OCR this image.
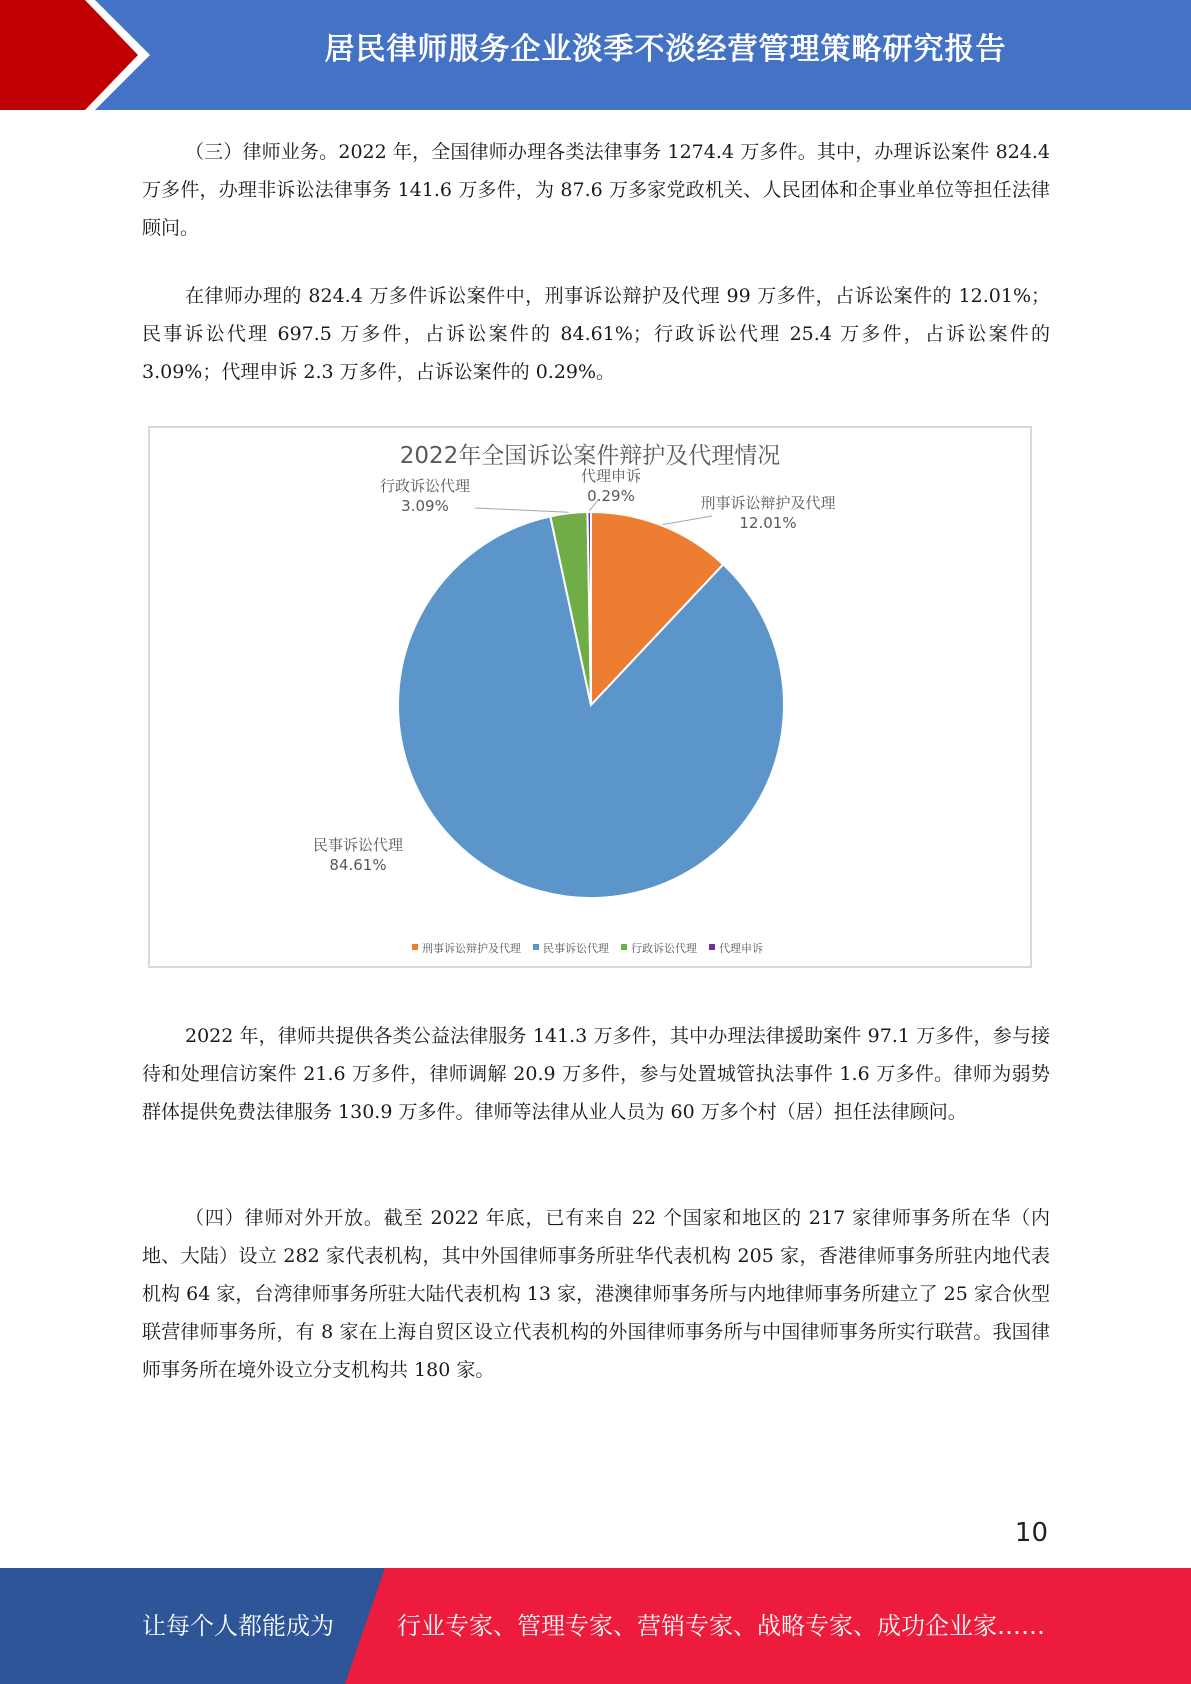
居民律师服务企业淡季不淡经营管理策略研究报告

（三）律师业务。2022 年，全国律师办理各类法律事务 1274.4 万多件。其中，办理诉讼案件 824.4 万多件，办理非诉讼法律事务 141.6 万多件，为 87.6 万多家党政机关、人民团体和企事业单位等担任法律顾问。

在律师办理的 824.4 万多件诉讼案件中，刑事诉讼辩护及代理 99 万多件，占诉讼案件的 12.01%；民事诉讼代理 697.5 万多件，占诉讼案件的 84.61%；行政诉讼代理 25.4 万多件，占诉讼案件的 3.09%；代理申诉 2.3 万多件，占诉讼案件的 0.29%。

2022年全国诉讼案件辩护及代理情况
刑事诉讼辩护及代理
12.01%
民事诉讼代理
84.61%
行政诉讼代理
3.09%
代理申诉
0.29%
刑事诉讼辩护及代理 民事诉讼代理 行政诉讼代理 代理申诉

2022 年，律师共提供各类公益法律服务 141.3 万多件，其中办理法律援助案件 97.1 万多件，参与接待和处理信访案件 21.6 万多件，律师调解 20.9 万多件，参与处置城管执法事件 1.6 万多件。律师为弱势群体提供免费法律服务 130.9 万多件。律师等法律从业人员为 60 万多个村（居）担任法律顾问。

（四）律师对外开放。截至 2022 年底，已有来自 22 个国家和地区的 217 家律师事务所在华（内地、大陆）设立 282 家代表机构，其中外国律师事务所驻华代表机构 205 家，香港律师事务所驻内地代表机构 64 家，台湾律师事务所驻大陆代表机构 13 家，港澳律师事务所与内地律师事务所建立了 25 家合伙型联营律师事务所，有 8 家在上海自贸区设立代表机构的外国律师事务所与中国律师事务所实行联营。我国律师事务所在境外设立分支机构共 180 家。

10
让每个人都能成为	行业专家、管理专家、营销专家、战略专家、成功企业家……
